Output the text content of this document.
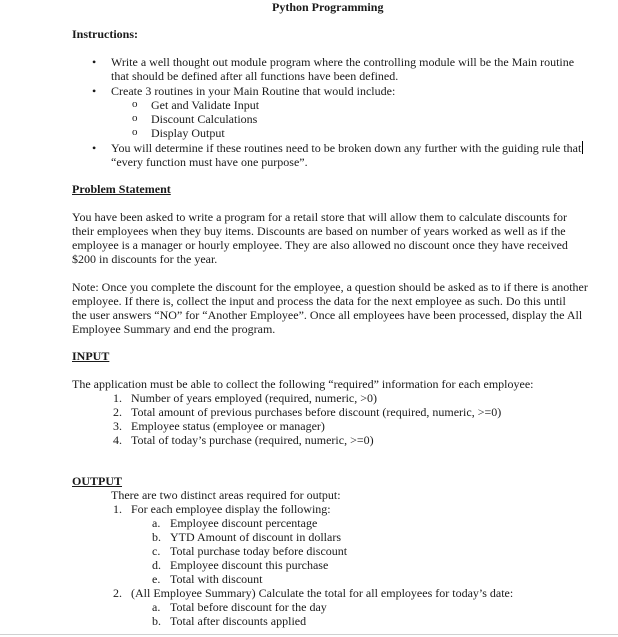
Python Programming
Instructions:
• Write a well thought out module program where the controlling module will be the Main routine
that should be defined after all functions have been defined.
• Create 3 routines in your Main Routine that would include:
o Get and Validate Input
o Discount Calculations
o Display Output
• You will determine if these routines need to be broken down any further with the guiding rule that
“every function must have one purpose”.
Problem Statement
You have been asked to write a program for a retail store that will allow them to calculate discounts for
their employees when they buy items. Discounts are based on number of years worked as well as if the
employee is a manager or hourly employee. They are also allowed no discount once they have received
$200 in discounts for the year.
Note: Once you complete the discount for the employee, a question should be asked as to if there is another
employee. If there is, collect the input and process the data for the next employee as such. Do this until
the user answers “NO” for “Another Employee”. Once all employees have been processed, display the All
Employee Summary and end the program.
INPUT
The application must be able to collect the following “required” information for each employee:
1. Number of years employed (required, numeric, >0)
2. Total amount of previous purchases before discount (required, numeric, >=0)
3. Employee status (employee or manager)
4. Total of today’s purchase (required, numeric, >=0)
OUTPUT
There are two distinct areas required for output:
1. For each employee display the following:
a. Employee discount percentage
b. YTD Amount of discount in dollars
c. Total purchase today before discount
d. Employee discount this purchase
e. Total with discount
2. (All Employee Summary) Calculate the total for all employees for today’s date:
a. Total before discount for the day
b. Total after discounts applied
